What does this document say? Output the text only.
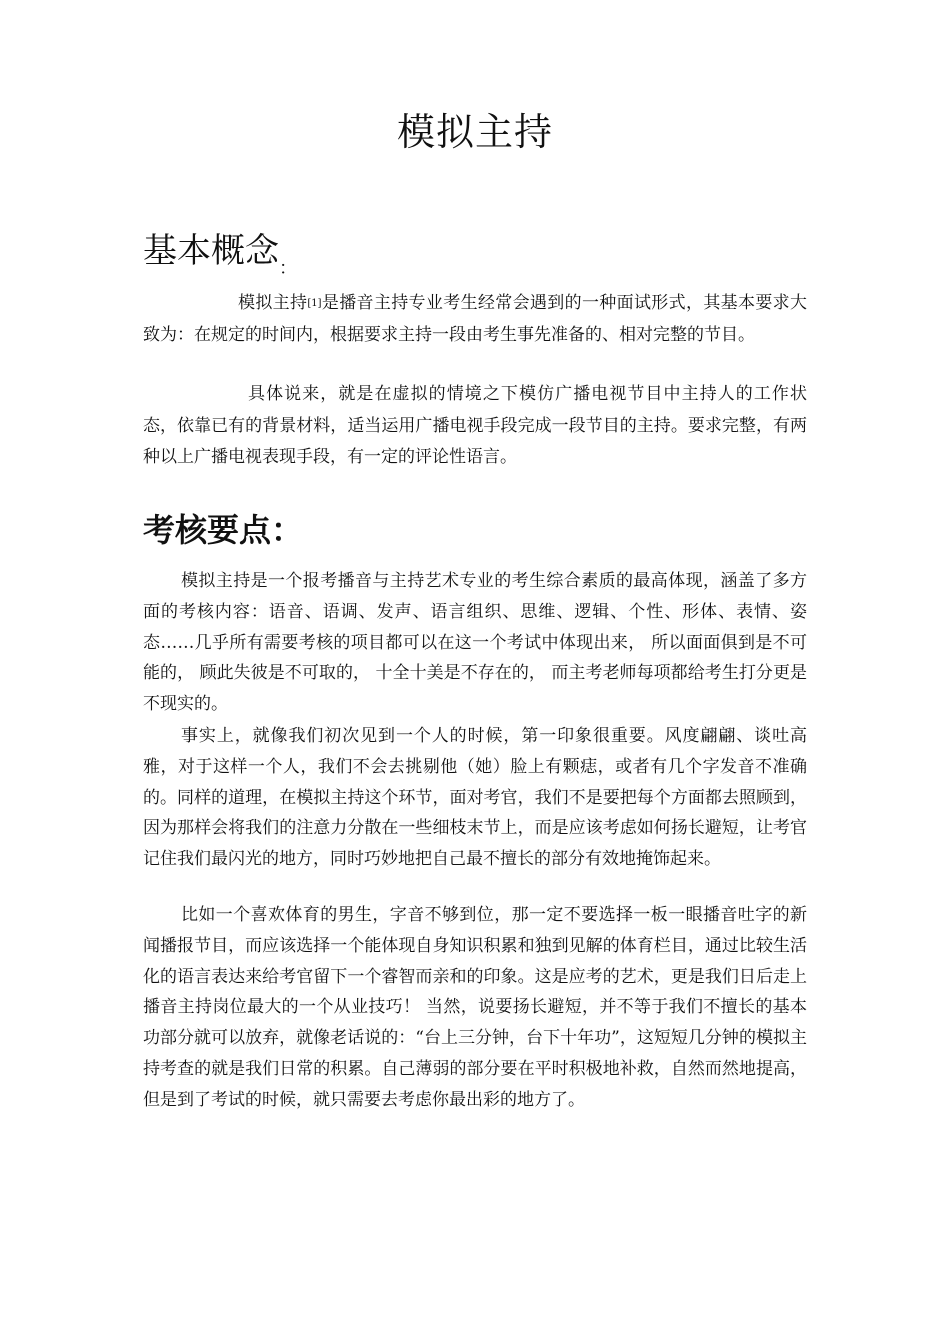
模拟主持
基本概念$_:$

模拟主持[1]是播音主持专业考生经常会遇到的一种面试形式，其基本要求大致为：在规定的时间内，根据要求主持一段由考生事先准备的、相对完整的节目。

具体说来，就是在虚拟的情境之下模仿广播电视节目中主持人的工作状态，依靠已有的背景材料，适当运用广播电视手段完成一段节目的主持。要求完整，有两种以上广播电视表现手段，有一定的评论性语言。

考核要点：

模拟主持是一个报考播音与主持艺术专业的考生综合素质的最高体现，涵盖了多方面的考核内容：语音、语调、发声、语言组织、思维、逻辑、个性、形体、表情、姿态……几乎所有需要考核的项目都可以在这一个考试中体现出来， 所以面面俱到是不可能的， 顾此失彼是不可取的， 十全十美是不存在的， 而主考老师每项都给考生打分更是不现实的。

事实上，就像我们初次见到一个人的时候，第一印象很重要。风度翩翩、谈吐高雅，对于这样一个人，我们不会去挑剔他（她）脸上有颗痣，或者有几个字发音不准确的。同样的道理，在模拟主持这个环节，面对考官，我们不是要把每个方面都去照顾到，因为那样会将我们的注意力分散在一些细枝末节上，而是应该考虑如何扬长避短，让考官记住我们最闪光的地方，同时巧妙地把自己最不擅长的部分有效地掩饰起来。

比如一个喜欢体育的男生，字音不够到位，那一定不要选择一板一眼播音吐字的新闻播报节目，而应该选择一个能体现自身知识积累和独到见解的体育栏目，通过比较生活化的语言表达来给考官留下一个睿智而亲和的印象。这是应考的艺术，更是我们日后走上播音主持岗位最大的一个从业技巧！ 当然，说要扬长避短，并不等于我们不擅长的基本功部分就可以放弃，就像老话说的：“台上三分钟，台下十年功”，这短短几分钟的模拟主持考查的就是我们日常的积累。自己薄弱的部分要在平时积极地补救，自然而然地提高，但是到了考试的时候，就只需要去考虑你最出彩的地方了。
